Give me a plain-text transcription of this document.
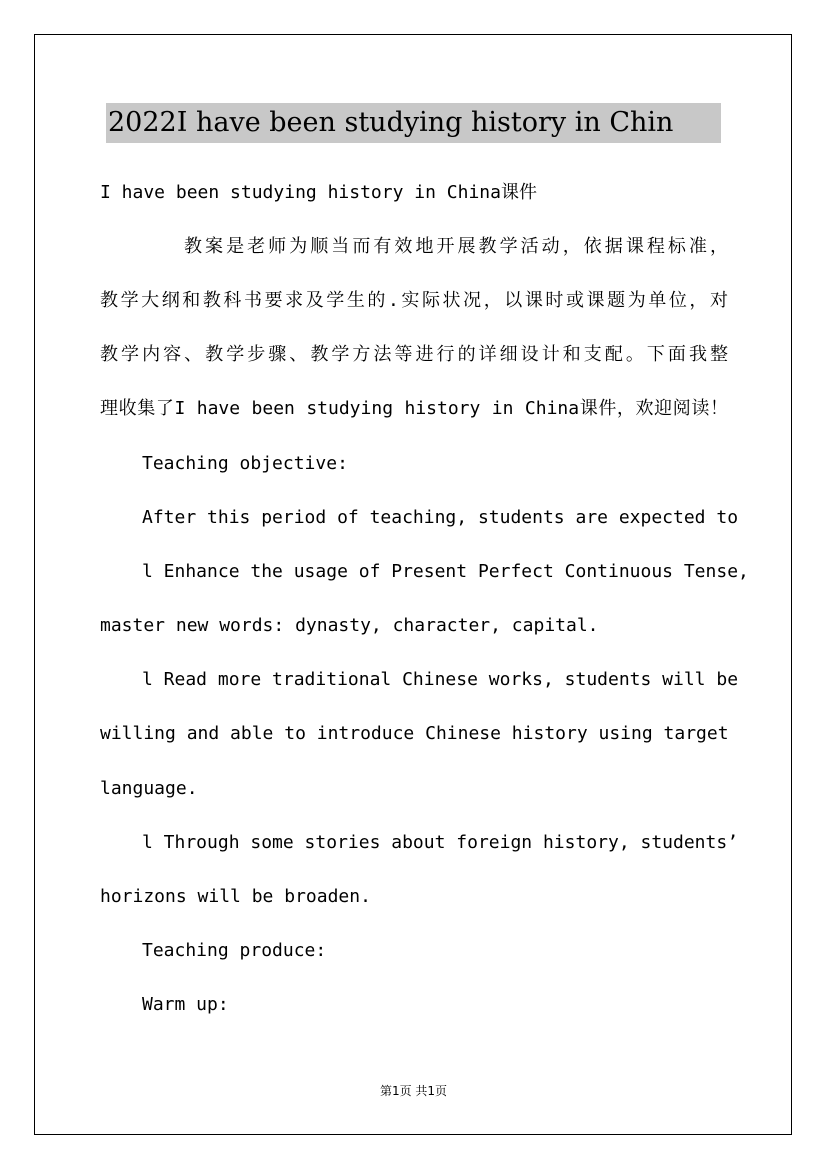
2022I have been studying history in Chin
I have been studying history in China课件
教案是老师为顺当而有效地开展教学活动，依据课程标准，
教学大纲和教科书要求及学生的.实际状况，以课时或课题为单位，对
教学内容、教学步骤、教学方法等进行的详细设计和支配。下面我整
理收集了I have been studying history in China课件，欢迎阅读！
Teaching objective:
After this period of teaching, students are expected to
l Enhance the usage of Present Perfect Continuous Tense,
master new words: dynasty, character, capital.
l Read more traditional Chinese works, students will be
willing and able to introduce Chinese history using target
language.
l Through some stories about foreign history, students’
horizons will be broaden.
Teaching produce:
Warm up:
第1页 共1页
